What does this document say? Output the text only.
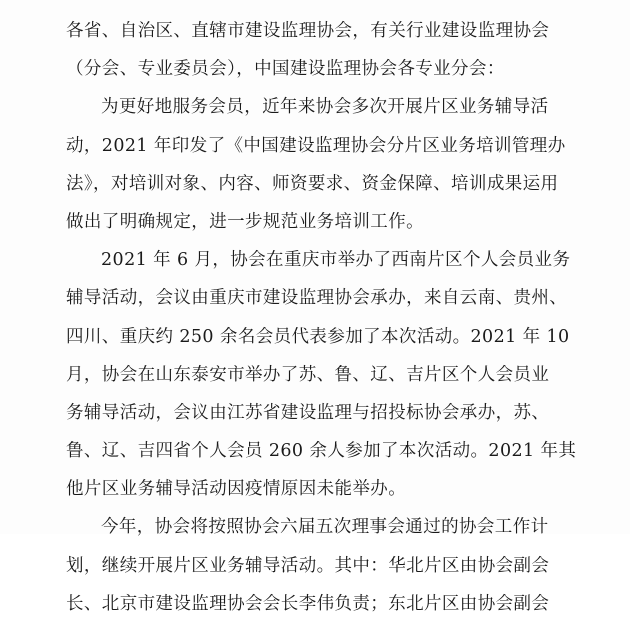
各省、自治区、直辖市建设监理协会，有关行业建设监理协会
（分会、专业委员会），中国建设监理协会各专业分会：
为更好地服务会员，近年来协会多次开展片区业务辅导活
动，2021 年印发了《中国建设监理协会分片区业务培训管理办
法》，对培训对象、内容、师资要求、资金保障、培训成果运用
做出了明确规定，进一步规范业务培训工作。
2021 年 6 月，协会在重庆市举办了西南片区个人会员业务
辅导活动，会议由重庆市建设监理协会承办，来自云南、贵州、
四川、重庆约 250 余名会员代表参加了本次活动。2021 年 10
月，协会在山东泰安市举办了苏、鲁、辽、吉片区个人会员业
务辅导活动，会议由江苏省建设监理与招投标协会承办，苏、
鲁、辽、吉四省个人会员 260 余人参加了本次活动。2021 年其
他片区业务辅导活动因疫情原因未能举办。
今年，协会将按照协会六届五次理事会通过的协会工作计
划，继续开展片区业务辅导活动。其中：华北片区由协会副会
长、北京市建设监理协会会长李伟负责；东北片区由协会副会
